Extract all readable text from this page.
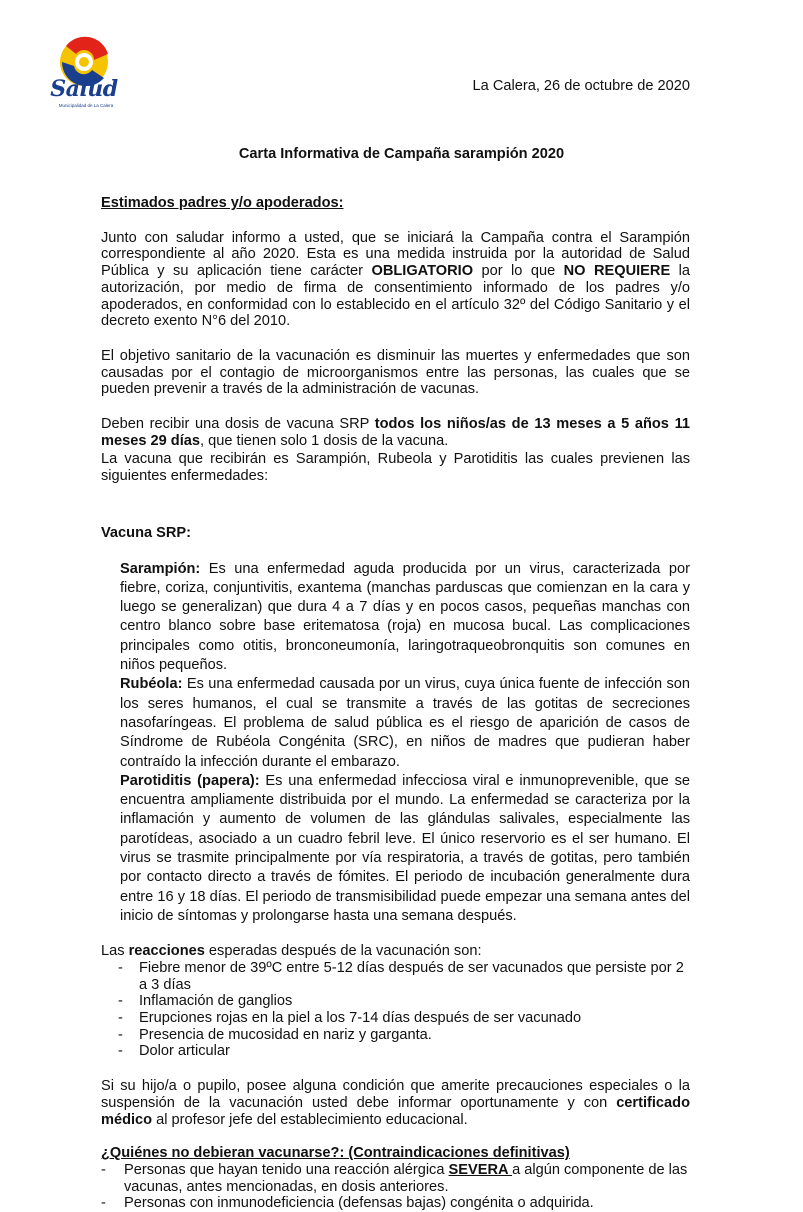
Salud
Municipalidad de La Calera
La Calera, 26 de octubre de 2020
Carta Informativa de Campaña sarampión 2020

Estimados padres y/o apoderados:

Junto con saludar informo a usted, que se iniciará la Campaña contra el Sarampión correspondiente al año 2020. Esta es una medida instruida por la autoridad de Salud Pública y su aplicación tiene carácter OBLIGATORIO por lo que NO REQUIERE la autorización, por medio de firma de consentimiento informado de los padres y/o apoderados, en conformidad con lo establecido en el artículo 32º del Código Sanitario y el decreto exento N°6 del 2010.

El objetivo sanitario de la vacunación es disminuir las muertes y enfermedades que son causadas por el contagio de microorganismos entre las personas, las cuales que se pueden prevenir a través de la administración de vacunas.

Deben recibir una dosis de vacuna SRP todos los niños/as de 13 meses a 5 años 11 meses 29 días, que tienen solo 1 dosis de la vacuna.

La vacuna que recibirán es Sarampión, Rubeola y Parotiditis las cuales previenen las siguientes enfermedades:

Vacuna SRP:

Sarampión: Es una enfermedad aguda producida por un virus, caracterizada por fiebre, coriza, conjuntivitis, exantema (manchas parduscas que comienzan en la cara y luego se generalizan) que dura 4 a 7 días y en pocos casos, pequeñas manchas con centro blanco sobre base eritematosa (roja) en mucosa bucal. Las complicaciones principales como otitis, bronconeumonía, laringotraqueobronquitis son comunes en niños pequeños.

Rubéola: Es una enfermedad causada por un virus, cuya única fuente de infección son los seres humanos, el cual se transmite a través de las gotitas de secreciones nasofaríngeas. El problema de salud pública es el riesgo de aparición de casos de Síndrome de Rubéola Congénita (SRC), en niños de madres que pudieran haber contraído la infección durante el embarazo.

Parotiditis (papera): Es una enfermedad infecciosa viral e inmunoprevenible, que se encuentra ampliamente distribuida por el mundo. La enfermedad se caracteriza por la inflamación y aumento de volumen de las glándulas salivales, especialmente las parotídeas, asociado a un cuadro febril leve. El único reservorio es el ser humano. El virus se trasmite principalmente por vía respiratoria, a través de gotitas, pero también por contacto directo a través de fómites. El periodo de incubación generalmente dura entre 16 y 18 días. El periodo de transmisibilidad puede empezar una semana antes del inicio de síntomas y prolongarse hasta una semana después.

Las reacciones esperadas después de la vacunación son:

- Fiebre menor de 39ºC entre 5-12 días después de ser vacunados que persiste por 2 a 3 días
- Inflamación de ganglios
- Erupciones rojas en la piel a los 7-14 días después de ser vacunado
- Presencia de mucosidad en nariz y garganta.
- Dolor articular

Si su hijo/a o pupilo, posee alguna condición que amerite precauciones especiales o la suspensión de la vacunación usted debe informar oportunamente y con certificado médico al profesor jefe del establecimiento educacional.

¿Quiénes no debieran vacunarse?: (Contraindicaciones definitivas)

- Personas que hayan tenido una reacción alérgica SEVERA a algún componente de las vacunas, antes mencionadas, en dosis anteriores.
- Personas con inmunodeficiencia (defensas bajas) congénita o adquirida.
